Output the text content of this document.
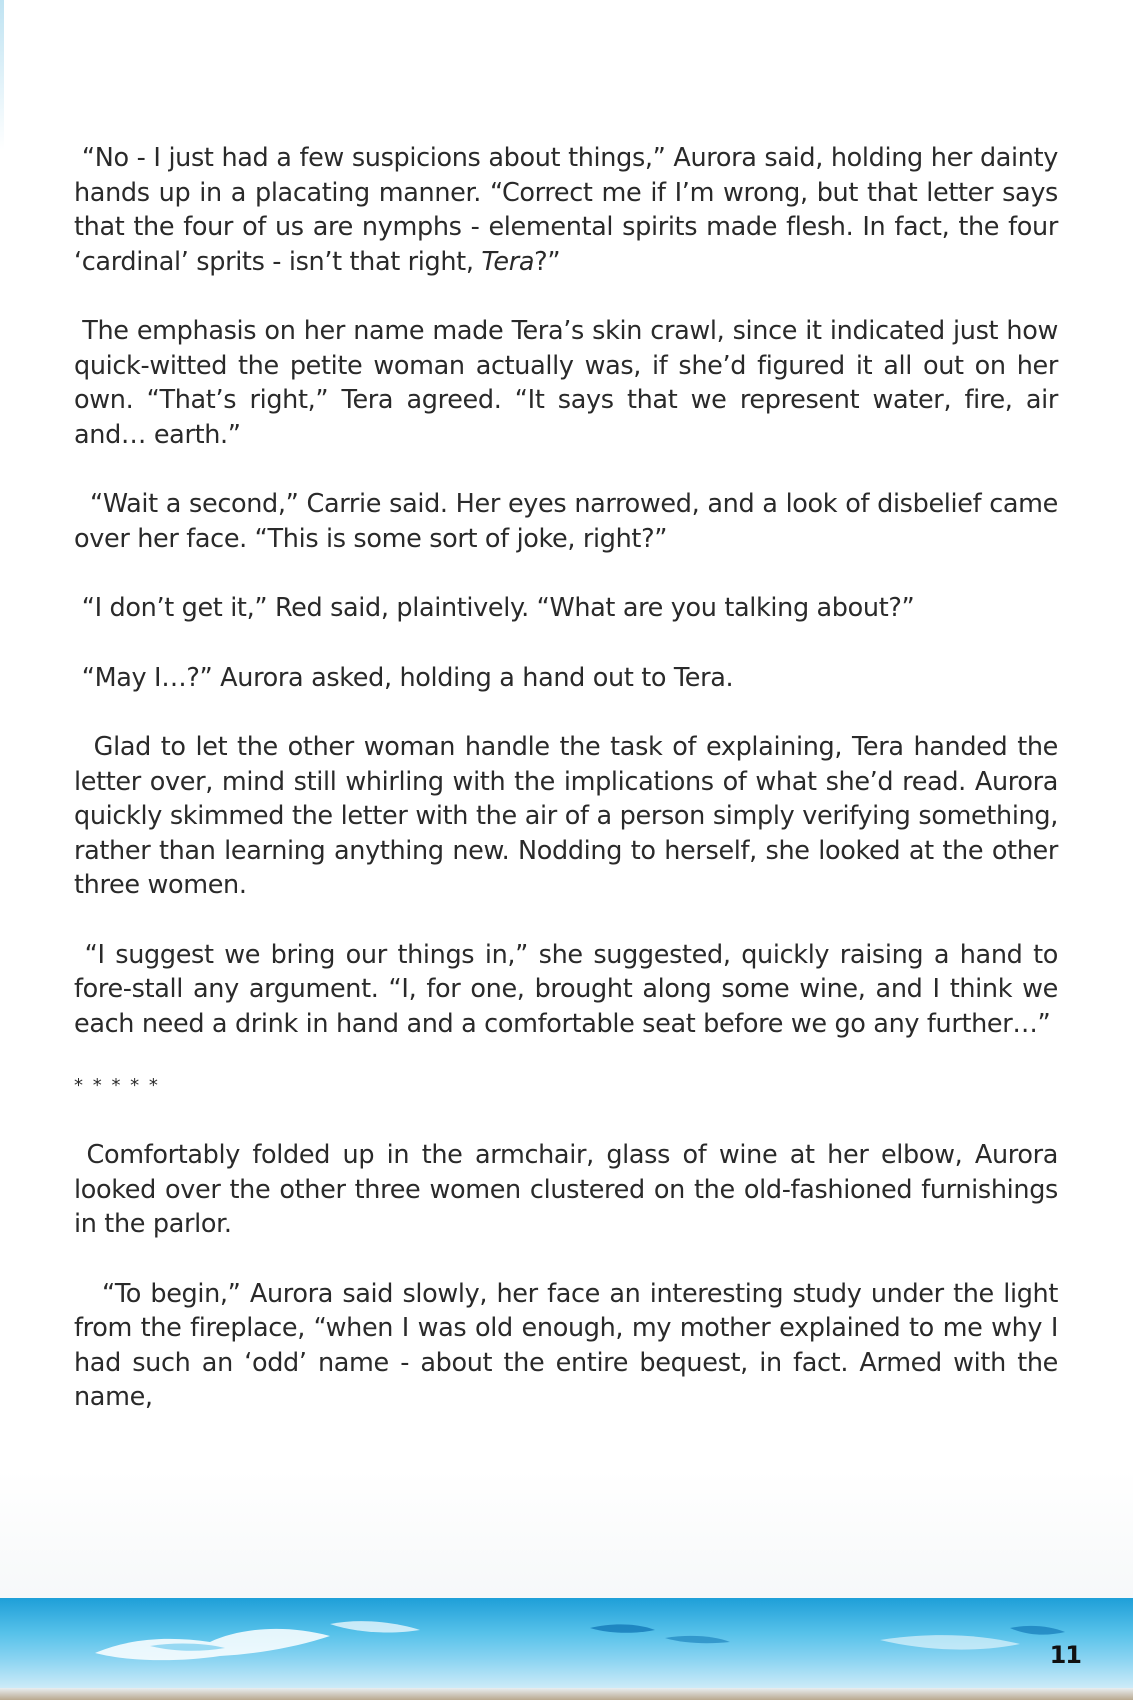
“No - I just had a few suspicions about things,” Aurora said, holding her dainty hands up in a placating manner. “Correct me if I’m wrong, but that letter says that the four of us are nymphs - elemental spirits made flesh. In fact, the four ‘cardinal’ sprits - isn’t that right, Tera?”

The emphasis on her name made Tera’s skin crawl, since it indicated just how quick-witted the petite woman actually was, if she’d figured it all out on her own. “That’s right,” Tera agreed. “It says that we represent water, fire, air and… earth.”

“Wait a second,” Carrie said. Her eyes narrowed, and a look of disbelief came over her face. “This is some sort of joke, right?”

“I don’t get it,” Red said, plaintively. “What are you talking about?”

“May I…?” Aurora asked, holding a hand out to Tera.

Glad to let the other woman handle the task of explaining, Tera handed the letter over, mind still whirling with the implications of what she’d read. Aurora quickly skimmed the letter with the air of a person simply verifying something, rather than learning anything new. Nodding to herself, she looked at the other three women.

“I suggest we bring our things in,” she suggested, quickly raising a hand to fore-stall any argument. “I, for one, brought along some wine, and I think we each need a drink in hand and a comfortable seat before we go any further…”

* * * * *

Comfortably folded up in the armchair, glass of wine at her elbow, Aurora looked over the other three women clustered on the old-fashioned furnishings in the parlor.

“To begin,” Aurora said slowly, her face an interesting study under the light from the fireplace, “when I was old enough, my mother explained to me why I had such an ‘odd’ name - about the entire bequest, in fact. Armed with the name,

11
